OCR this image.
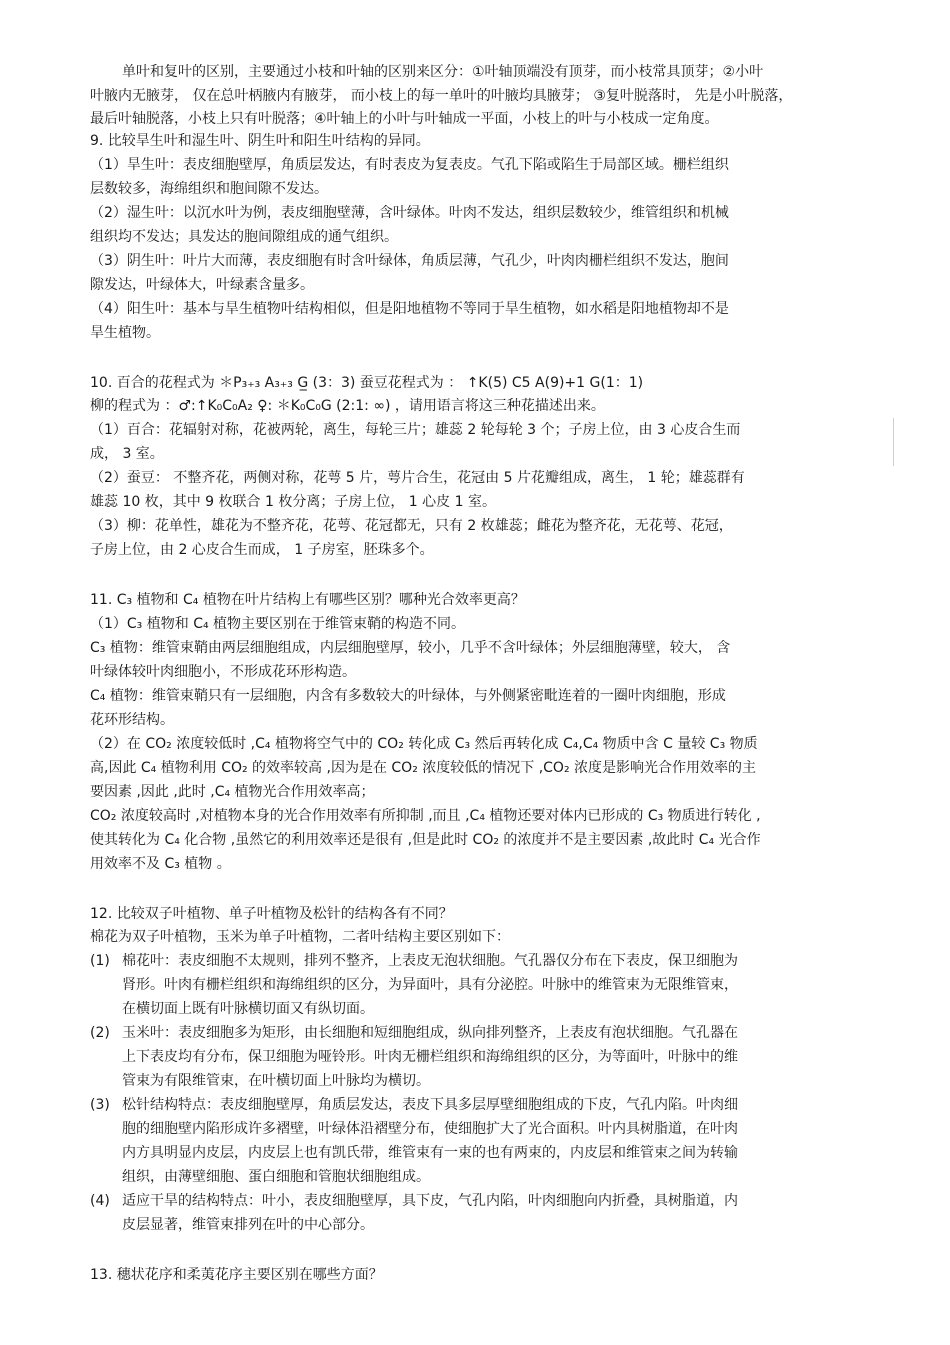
单叶和复叶的区别，主要通过小枝和叶轴的区别来区分：①叶轴顶端没有顶芽，而小枝常具顶芽；②小叶
叶腋内无腋芽， 仅在总叶柄腋内有腋芽， 而小枝上的每一单叶的叶腋均具腋芽； ③复叶脱落时， 先是小叶脱落，
最后叶轴脱落，小枝上只有叶脱落；④叶轴上的小叶与叶轴成一平面，小枝上的叶与小枝成一定角度。
9. 比较旱生叶和湿生叶、阴生叶和阳生叶结构的异同。
（1）旱生叶：表皮细胞壁厚，角质层发达，有时表皮为复表皮。气孔下陷或陷生于局部区域。栅栏组织
层数较多，海绵组织和胞间隙不发达。
（2）湿生叶：以沉水叶为例，表皮细胞壁薄，含叶绿体。叶肉不发达，组织层数较少，维管组织和机械
组织均不发达；具发达的胞间隙组成的通气组织。
（3）阴生叶：叶片大而薄，表皮细胞有时含叶绿体，角质层薄，气孔少，叶肉肉栅栏组织不发达，胞间
隙发达，叶绿体大，叶绿素含量多。
（4）阳生叶：基本与旱生植物叶结构相似，但是阳地植物不等同于旱生植物，如水稻是阳地植物却不是
旱生植物。
10. 百合的花程式为 ＊P₃₊₃ A₃₊₃ G̲ (3：3) 蚕豆花程式为 ： ↑K(5) C5 A(9)+1 G(1：1)
柳的程式为 ：♂:↑K₀C₀A₂ ♀: ＊K₀C₀G (2:1: ∞) ，请用语言将这三种花描述出来。
（1）百合：花辐射对称，花被两轮，离生，每轮三片；雄蕊 2 轮每轮 3 个；子房上位，由 3 心皮合生而
成， 3 室。
（2）蚕豆： 不整齐花，两侧对称，花萼 5 片，萼片合生，花冠由 5 片花瓣组成，离生， 1 轮；雄蕊群有
雄蕊 10 枚，其中 9 枚联合 1 枚分离；子房上位， 1 心皮 1 室。
（3）柳：花单性，雄花为不整齐花，花萼、花冠都无，只有 2 枚雄蕊；雌花为整齐花，无花萼、花冠，
子房上位，由 2 心皮合生而成， 1 子房室，胚珠多个。
11. C₃ 植物和 C₄ 植物在叶片结构上有哪些区别？哪种光合效率更高？
（1）C₃ 植物和 C₄ 植物主要区别在于维管束鞘的构造不同。
C₃ 植物：维管束鞘由两层细胞组成，内层细胞壁厚，较小，几乎不含叶绿体；外层细胞薄壁，较大， 含
叶绿体较叶肉细胞小，不形成花环形构造。
C₄ 植物：维管束鞘只有一层细胞，内含有多数较大的叶绿体，与外侧紧密毗连着的一圈叶肉细胞，形成
花环形结构。
（2）在 CO₂ 浓度较低时 ,C₄ 植物将空气中的 CO₂ 转化成 C₃ 然后再转化成 C₄,C₄ 物质中含 C 量较 C₃ 物质
高,因此 C₄ 植物利用 CO₂ 的效率较高 ,因为是在 CO₂ 浓度较低的情况下 ,CO₂ 浓度是影响光合作用效率的主
要因素 ,因此 ,此时 ,C₄ 植物光合作用效率高；
CO₂ 浓度较高时 ,对植物本身的光合作用效率有所抑制 ,而且 ,C₄ 植物还要对体内已形成的 C₃ 物质进行转化 ,
使其转化为 C₄ 化合物 ,虽然它的利用效率还是很有 ,但是此时 CO₂ 的浓度并不是主要因素 ,故此时 C₄ 光合作
用效率不及 C₃ 植物 。
12. 比较双子叶植物、单子叶植物及松针的结构各有不同？
棉花为双子叶植物，玉米为单子叶植物，二者叶结构主要区别如下：
(1) 棉花叶：表皮细胞不太规则，排列不整齐，上表皮无泡状细胞。气孔器仅分布在下表皮，保卫细胞为
肾形。叶肉有栅栏组织和海绵组织的区分，为异面叶，具有分泌腔。叶脉中的维管束为无限维管束，
在横切面上既有叶脉横切面又有纵切面。
(2) 玉米叶：表皮细胞多为矩形，由长细胞和短细胞组成，纵向排列整齐，上表皮有泡状细胞。气孔器在
上下表皮均有分布，保卫细胞为哑铃形。叶肉无栅栏组织和海绵组织的区分，为等面叶，叶脉中的维
管束为有限维管束，在叶横切面上叶脉均为横切。
(3) 松针结构特点：表皮细胞壁厚，角质层发达，表皮下具多层厚壁细胞组成的下皮，气孔内陷。叶肉细
胞的细胞壁内陷形成许多褶壁，叶绿体沿褶壁分布，使细胞扩大了光合面积。叶内具树脂道，在叶肉
内方具明显内皮层，内皮层上也有凯氏带，维管束有一束的也有两束的，内皮层和维管束之间为转输
组织，由薄壁细胞、蛋白细胞和管胞状细胞组成。
(4) 适应干旱的结构特点：叶小，表皮细胞壁厚，具下皮，气孔内陷，叶肉细胞向内折叠，具树脂道，内
皮层显著，维管束排列在叶的中心部分。
13. 穗状花序和柔荑花序主要区别在哪些方面？
